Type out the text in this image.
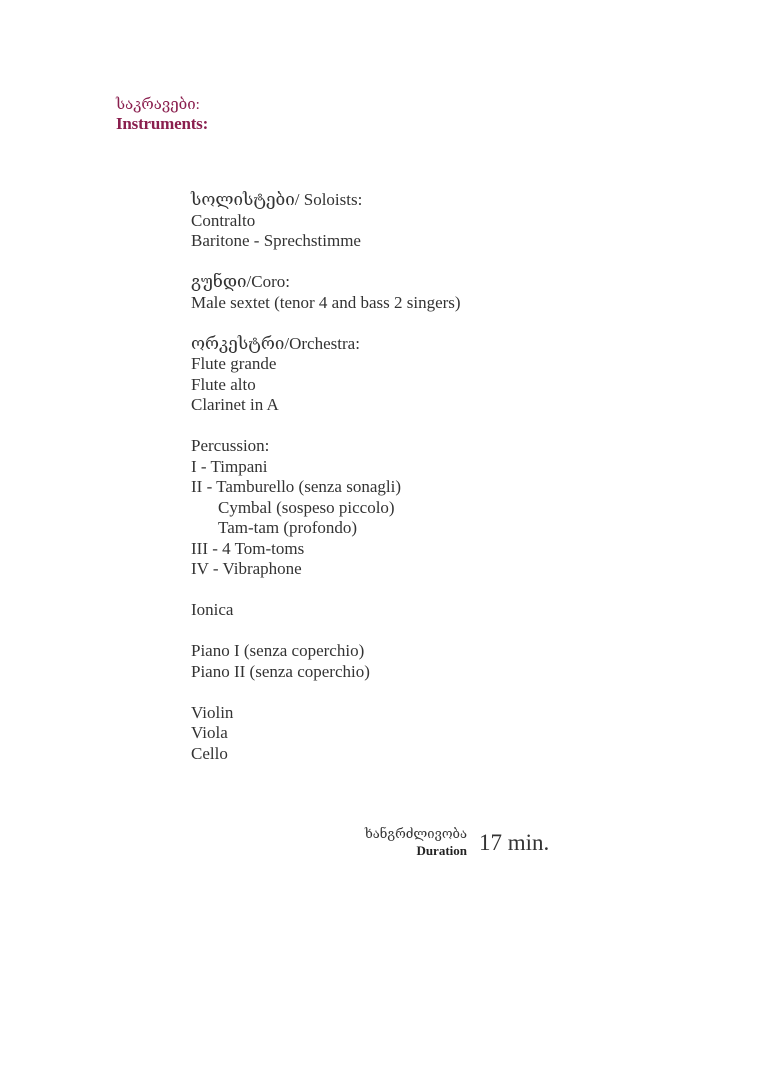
საკრავები:
Instruments:
სოლისტები/ Soloists:
Contralto
Baritone - Sprechstimme
გუნდი/Coro:
Male sextet (tenor 4 and bass 2 singers)
ორკესტრი/Orchestra:
Flute grande
Flute alto
Clarinet in A
Percussion:
I - Timpani
II - Tamburello (senza sonagli)
Cymbal (sospeso piccolo)
Tam-tam (profondo)
III - 4 Tom-toms
IV - Vibraphone
Ionica
Piano I (senza coperchio)
Piano II (senza coperchio)
Violin
Viola
Cello
ხანგრძლივობა
Duration 17 min.
